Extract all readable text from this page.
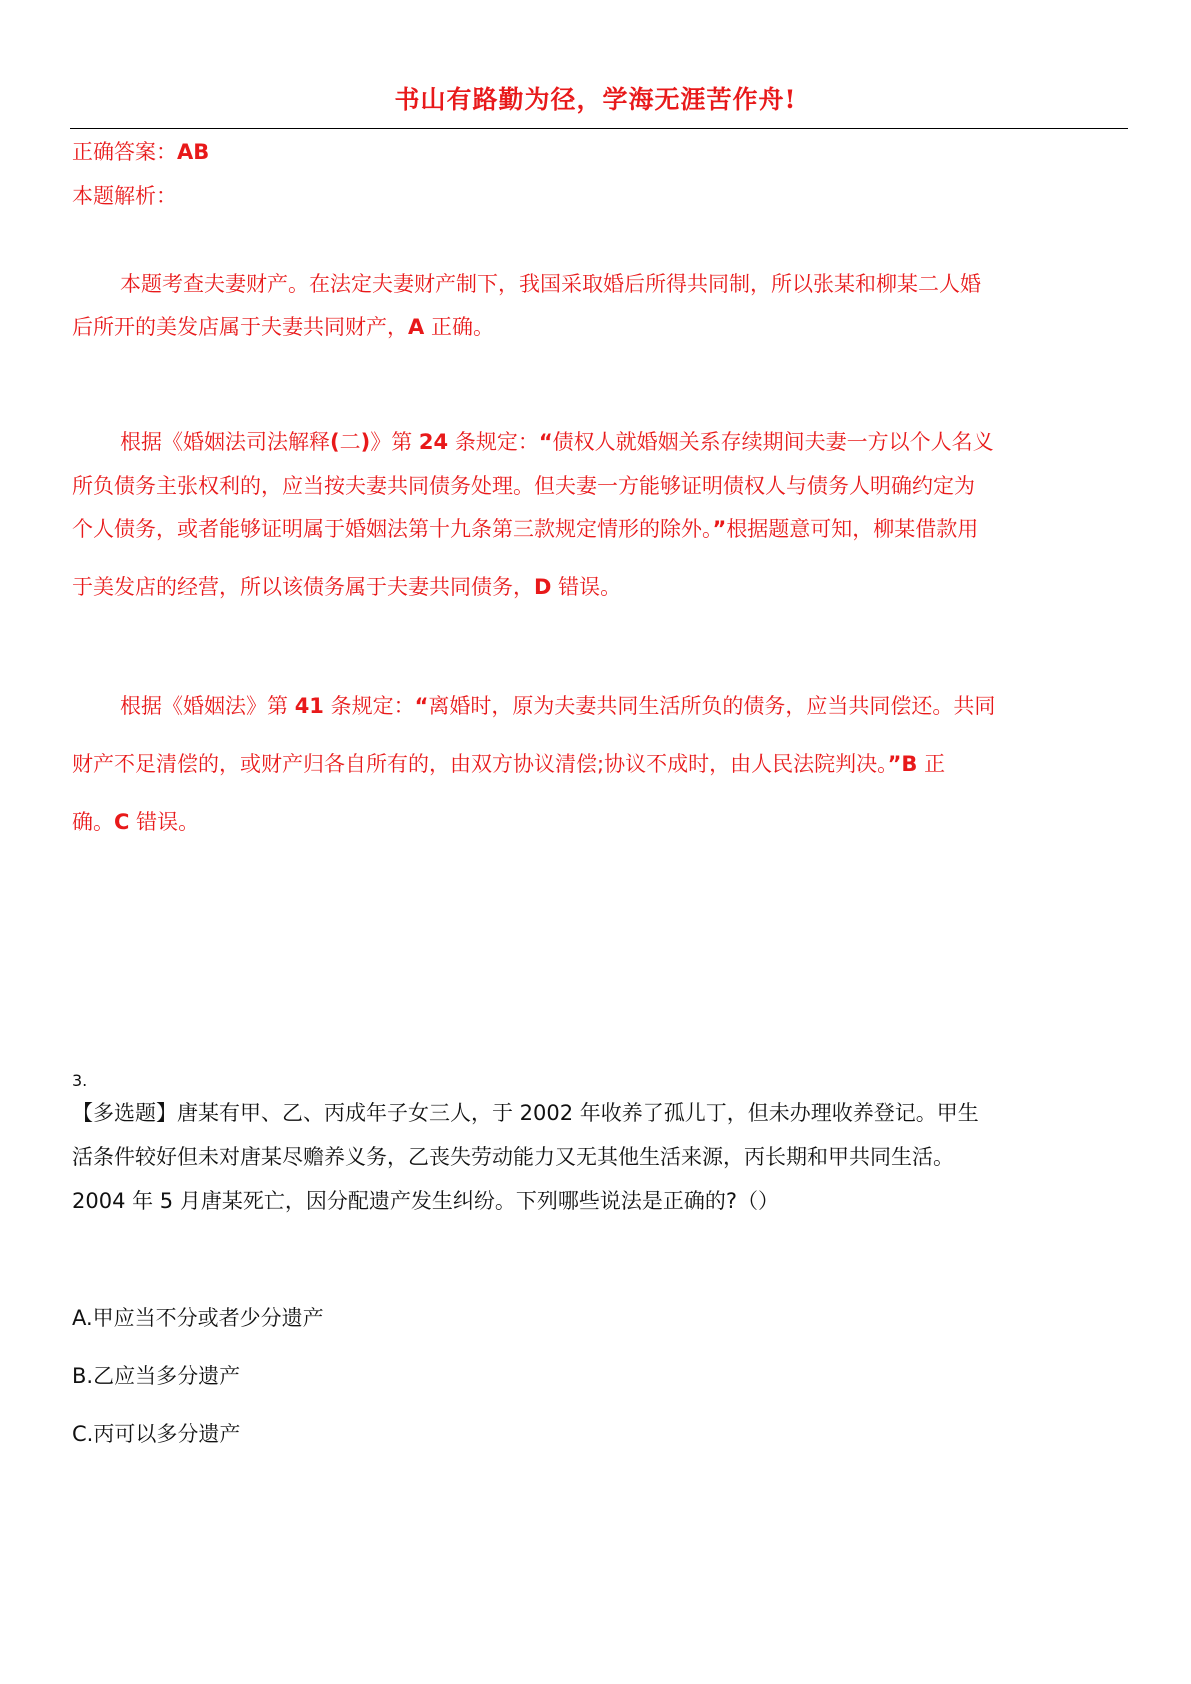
书山有路勤为径，学海无涯苦作舟!
正确答案：AB
本题解析：
本题考查夫妻财产。在法定夫妻财产制下，我国采取婚后所得共同制，所以张某和柳某二人婚
后所开的美发店属于夫妻共同财产，A 正确。
根据《婚姻法司法解释(二)》第 24 条规定：“债权人就婚姻关系存续期间夫妻一方以个人名义
所负债务主张权利的，应当按夫妻共同债务处理。但夫妻一方能够证明债权人与债务人明确约定为
个人债务，或者能够证明属于婚姻法第十九条第三款规定情形的除外。”根据题意可知，柳某借款用
于美发店的经营，所以该债务属于夫妻共同债务，D 错误。
根据《婚姻法》第 41 条规定：“离婚时，原为夫妻共同生活所负的债务，应当共同偿还。共同
财产不足清偿的，或财产归各自所有的，由双方协议清偿;协议不成时，由人民法院判决。”B 正
确。C 错误。
3.
【多选题】唐某有甲、乙、丙成年子女三人，于 2002 年收养了孤儿丁，但未办理收养登记。甲生
活条件较好但未对唐某尽赡养义务，乙丧失劳动能力又无其他生活来源，丙长期和甲共同生活。
2004 年 5 月唐某死亡，因分配遗产发生纠纷。下列哪些说法是正确的?（）
A.甲应当不分或者少分遗产
B.乙应当多分遗产
C.丙可以多分遗产
